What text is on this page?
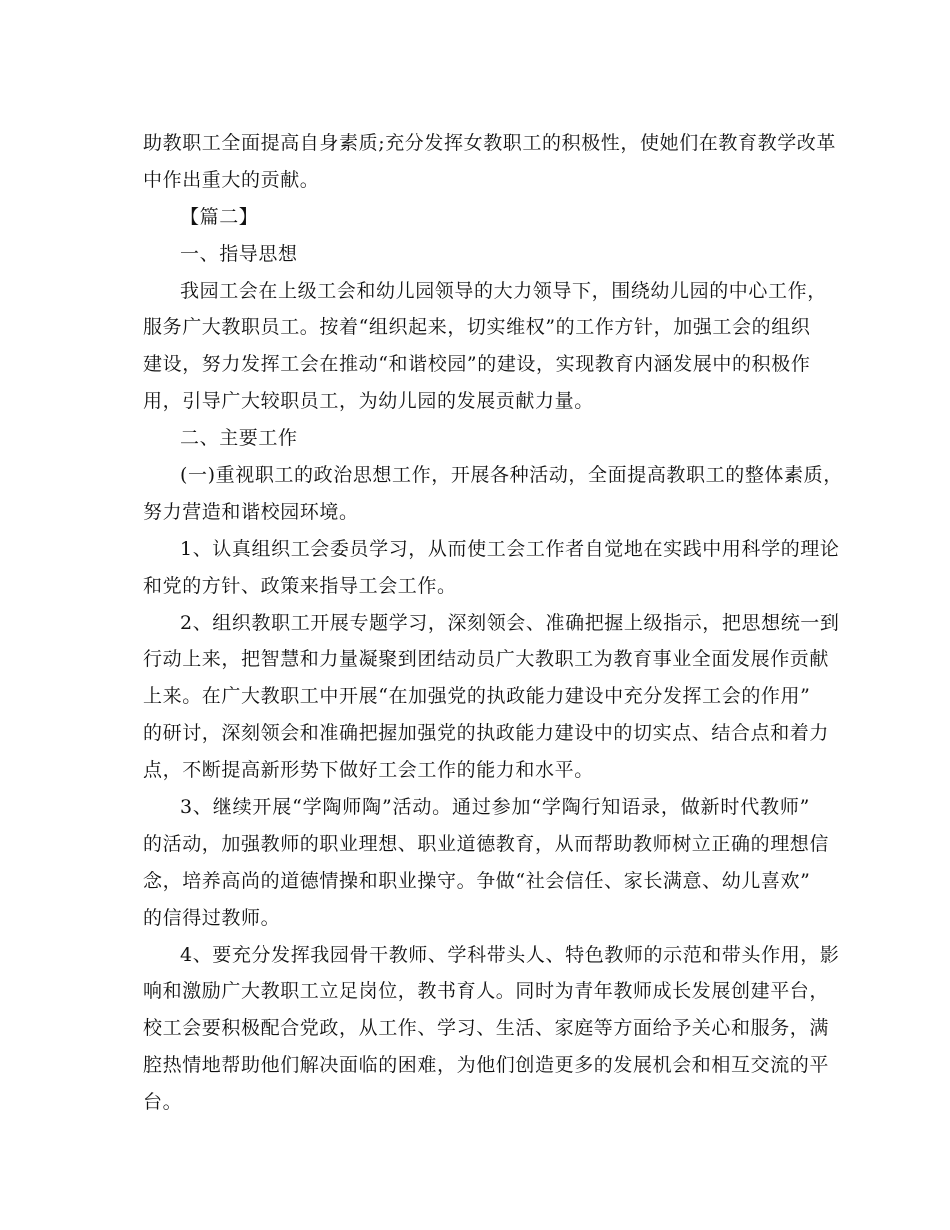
助教职工全面提高自身素质;充分发挥女教职工的积极性，使她们在教育教学改革
中作出重大的贡献。
【篇二】
一、指导思想
我园工会在上级工会和幼儿园领导的大力领导下，围绕幼儿园的中心工作，
服务广大教职员工。按着“组织起来，切实维权”的工作方针，加强工会的组织
建设，努力发挥工会在推动“和谐校园”的建设，实现教育内涵发展中的积极作
用，引导广大较职员工，为幼儿园的发展贡献力量。
二、主要工作
(一)重视职工的政治思想工作，开展各种活动，全面提高教职工的整体素质，
努力营造和谐校园环境。
1、认真组织工会委员学习，从而使工会工作者自觉地在实践中用科学的理论
和党的方针、政策来指导工会工作。
2、组织教职工开展专题学习，深刻领会、准确把握上级指示，把思想统一到
行动上来，把智慧和力量凝聚到团结动员广大教职工为教育事业全面发展作贡献
上来。在广大教职工中开展“在加强党的执政能力建设中充分发挥工会的作用”
的研讨，深刻领会和准确把握加强党的执政能力建设中的切实点、结合点和着力
点，不断提高新形势下做好工会工作的能力和水平。
3、继续开展“学陶师陶”活动。通过参加“学陶行知语录，做新时代教师”
的活动，加强教师的职业理想、职业道德教育，从而帮助教师树立正确的理想信
念，培养高尚的道德情操和职业操守。争做“社会信任、家长满意、幼儿喜欢”
的信得过教师。
4、要充分发挥我园骨干教师、学科带头人、特色教师的示范和带头作用，影
响和激励广大教职工立足岗位，教书育人。同时为青年教师成长发展创建平台，
校工会要积极配合党政，从工作、学习、生活、家庭等方面给予关心和服务，满
腔热情地帮助他们解决面临的困难，为他们创造更多的发展机会和相互交流的平
台。
